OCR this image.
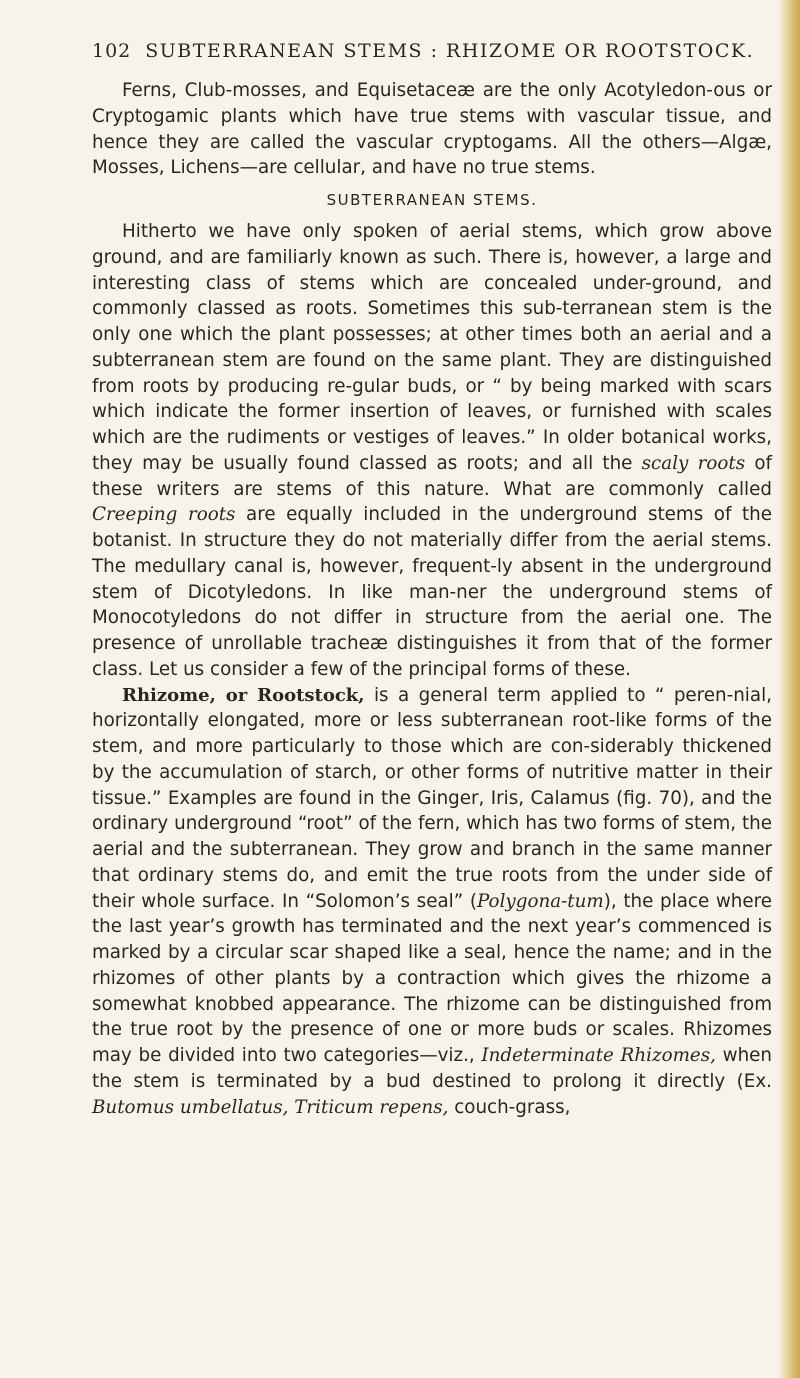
102 SUBTERRANEAN STEMS : RHIZOME OR ROOTSTOCK.

Ferns, Club-mosses, and Equisetaceæ are the only Acotyledon-ous or Cryptogamic plants which have true stems with vascular tissue, and hence they are called the vascular cryptogams. All the others—Algæ, Mosses, Lichens—are cellular, and have no true stems.

SUBTERRANEAN STEMS.

Hitherto we have only spoken of aerial stems, which grow above ground, and are familiarly known as such. There is, however, a large and interesting class of stems which are concealed under-ground, and commonly classed as roots. Sometimes this sub-terranean stem is the only one which the plant possesses; at other times both an aerial and a subterranean stem are found on the same plant. They are distinguished from roots by producing re-gular buds, or “ by being marked with scars which indicate the former insertion of leaves, or furnished with scales which are the rudiments or vestiges of leaves.” In older botanical works, they may be usually found classed as roots; and all the scaly roots of these writers are stems of this nature. What are commonly called Creeping roots are equally included in the underground stems of the botanist. In structure they do not materially differ from the aerial stems. The medullary canal is, however, frequent-ly absent in the underground stem of Dicotyledons. In like man-ner the underground stems of Monocotyledons do not differ in structure from the aerial one. The presence of unrollable tracheæ distinguishes it from that of the former class. Let us consider a few of the principal forms of these.

Rhizome, or Rootstock, is a general term applied to “ peren-nial, horizontally elongated, more or less subterranean root-like forms of the stem, and more particularly to those which are con-siderably thickened by the accumulation of starch, or other forms of nutritive matter in their tissue.” Examples are found in the Ginger, Iris, Calamus (fig. 70), and the ordinary underground “root” of the fern, which has two forms of stem, the aerial and the subterranean. They grow and branch in the same manner that ordinary stems do, and emit the true roots from the under side of their whole surface. In “Solomon’s seal” (Polygona-tum), the place where the last year’s growth has terminated and the next year’s commenced is marked by a circular scar shaped like a seal, hence the name; and in the rhizomes of other plants by a contraction which gives the rhizome a somewhat knobbed appearance. The rhizome can be distinguished from the true root by the presence of one or more buds or scales. Rhizomes may be divided into two categories—viz., Indeterminate Rhizomes, when the stem is terminated by a bud destined to prolong it directly (Ex. Butomus umbellatus, Triticum repens, couch-grass,
